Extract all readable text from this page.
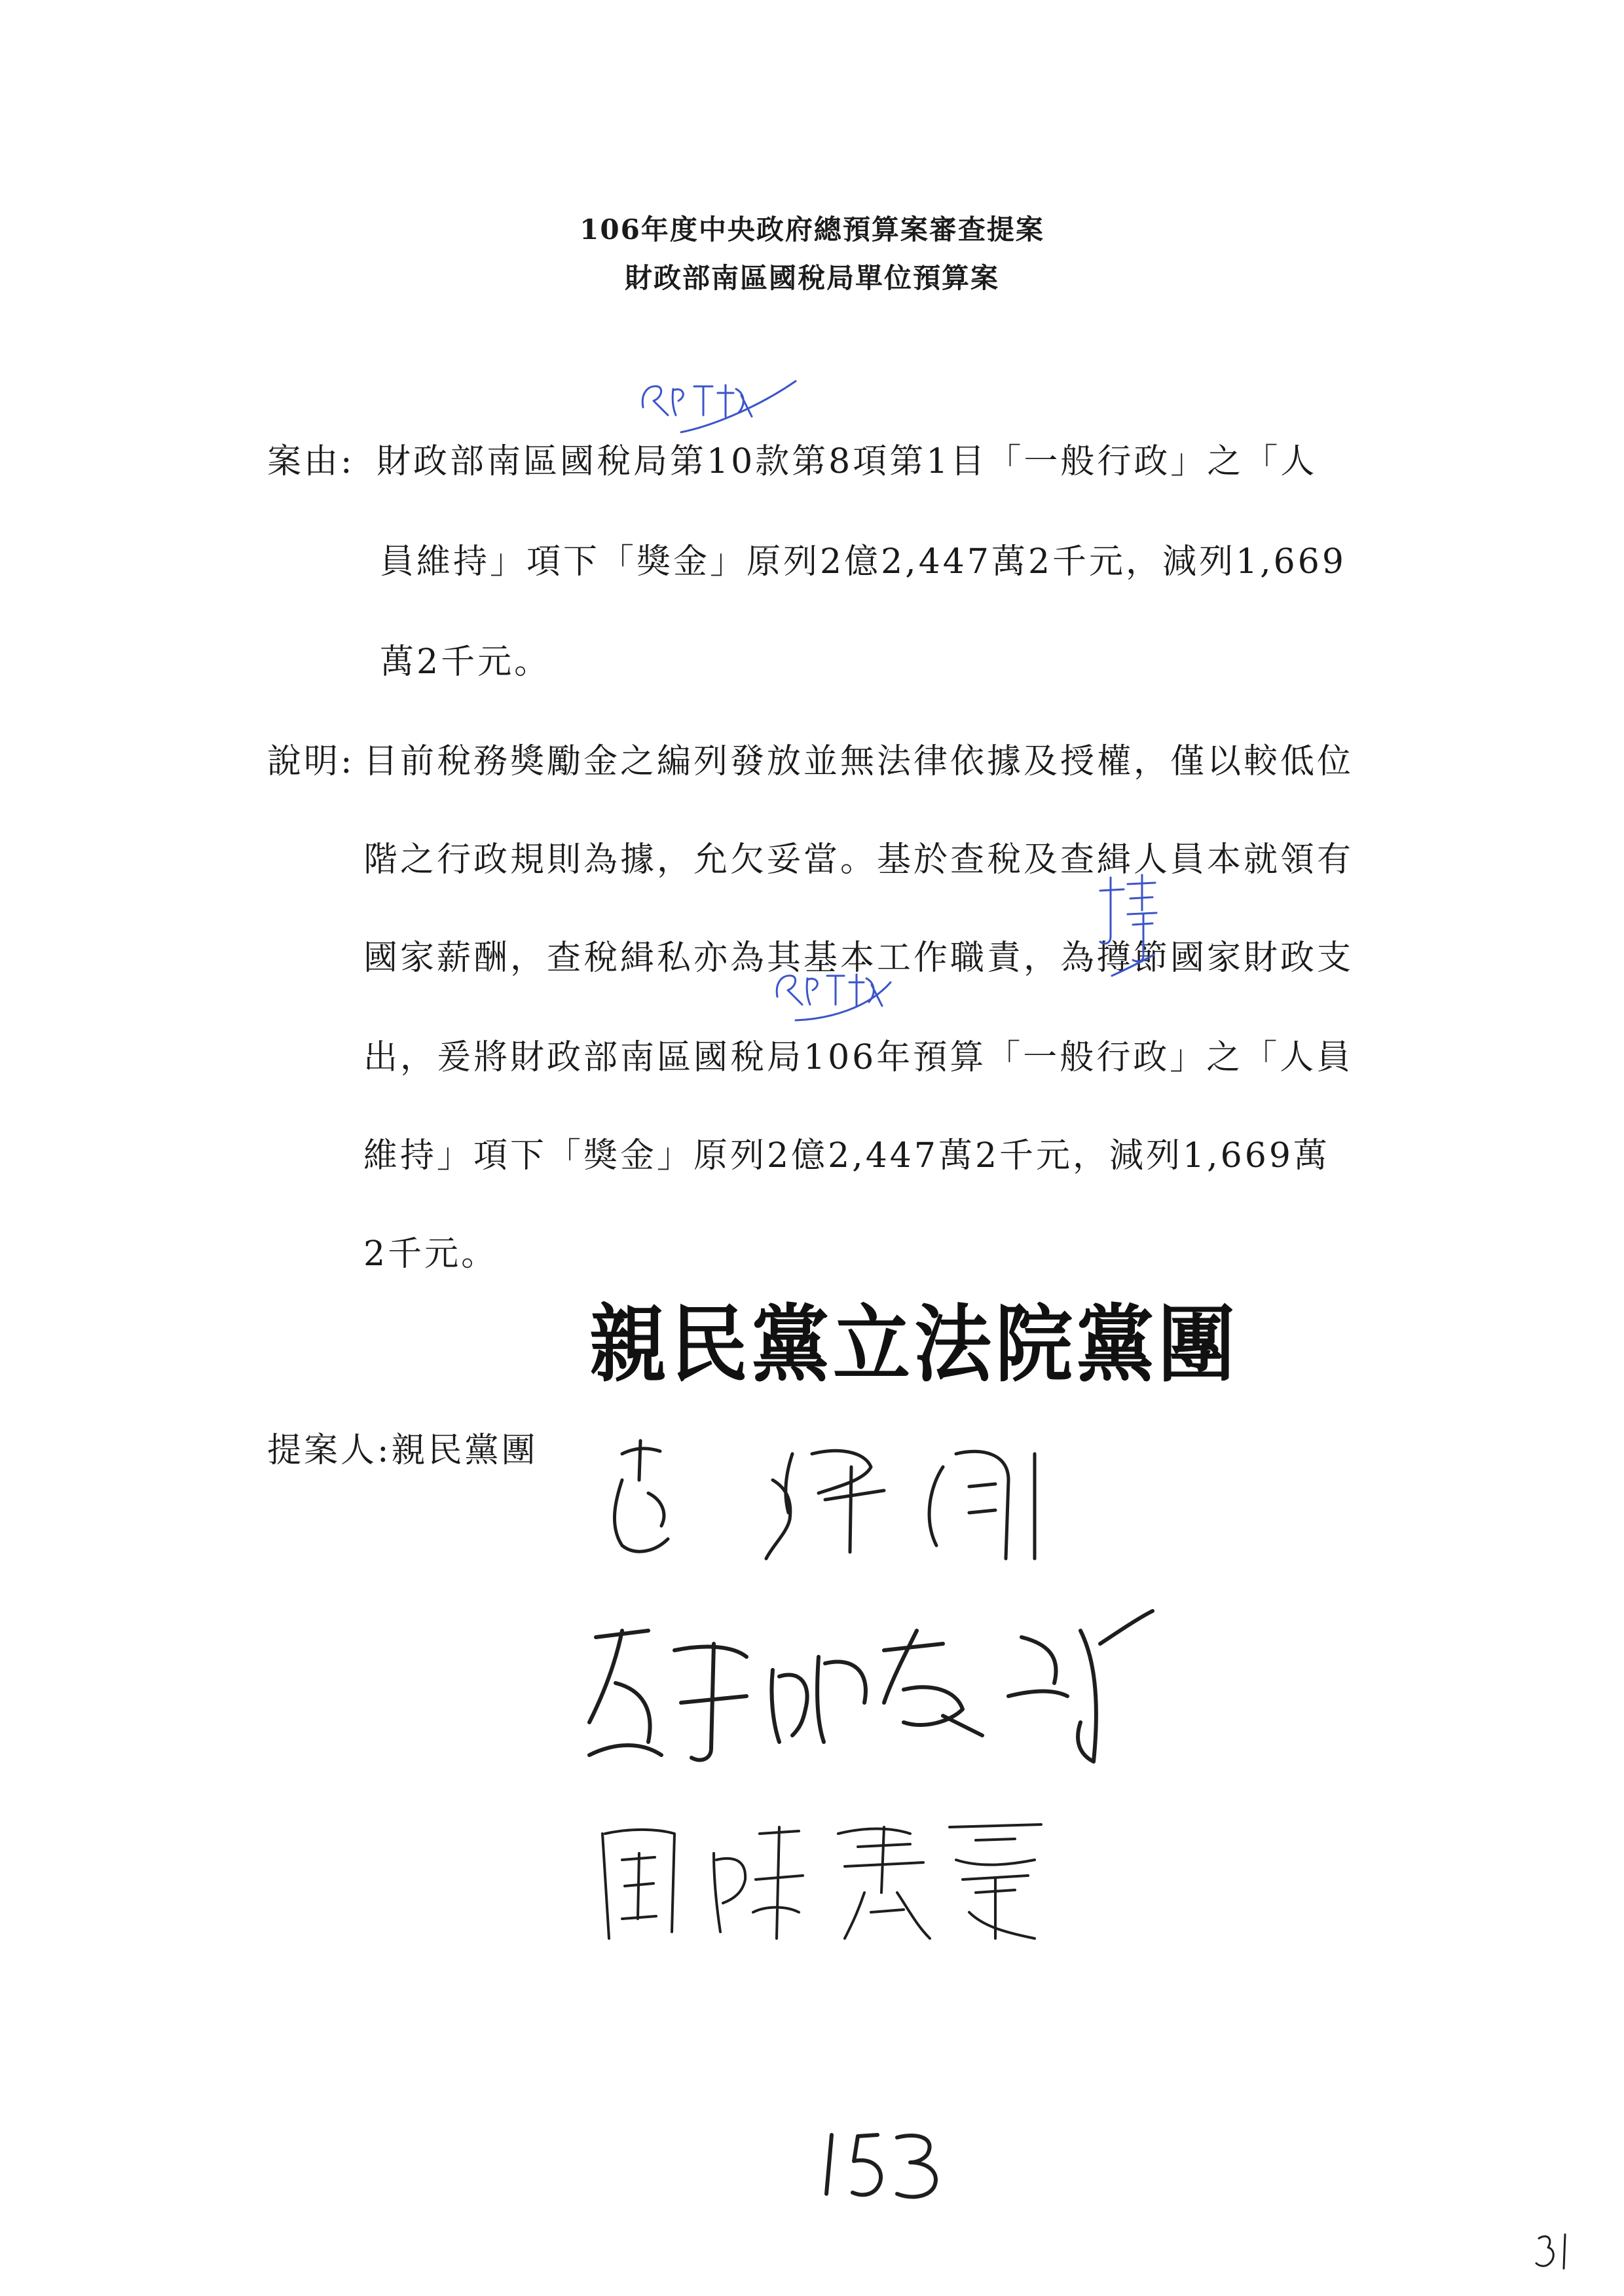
106年度中央政府總預算案審查提案
財政部南區國稅局單位預算案
案由: 財政部南區國稅局第10款第8項第1目「一般行政」之「人
員維持」項下「獎金」原列2億2,447萬2千元，減列1,669
萬2千元。
說明: 目前稅務獎勵金之編列發放並無法律依據及授權，僅以較低位
階之行政規則為據，允欠妥當。基於查稅及查緝人員本就領有
國家薪酬，查稅緝私亦為其基本工作職責，為撙節國家財政支
出，爰將財政部南區國稅局106年預算「一般行政」之「人員
維持」項下「獎金」原列2億2,447萬2千元，減列1,669萬
2千元。
親民黨立法院黨團
提案人:親民黨團
